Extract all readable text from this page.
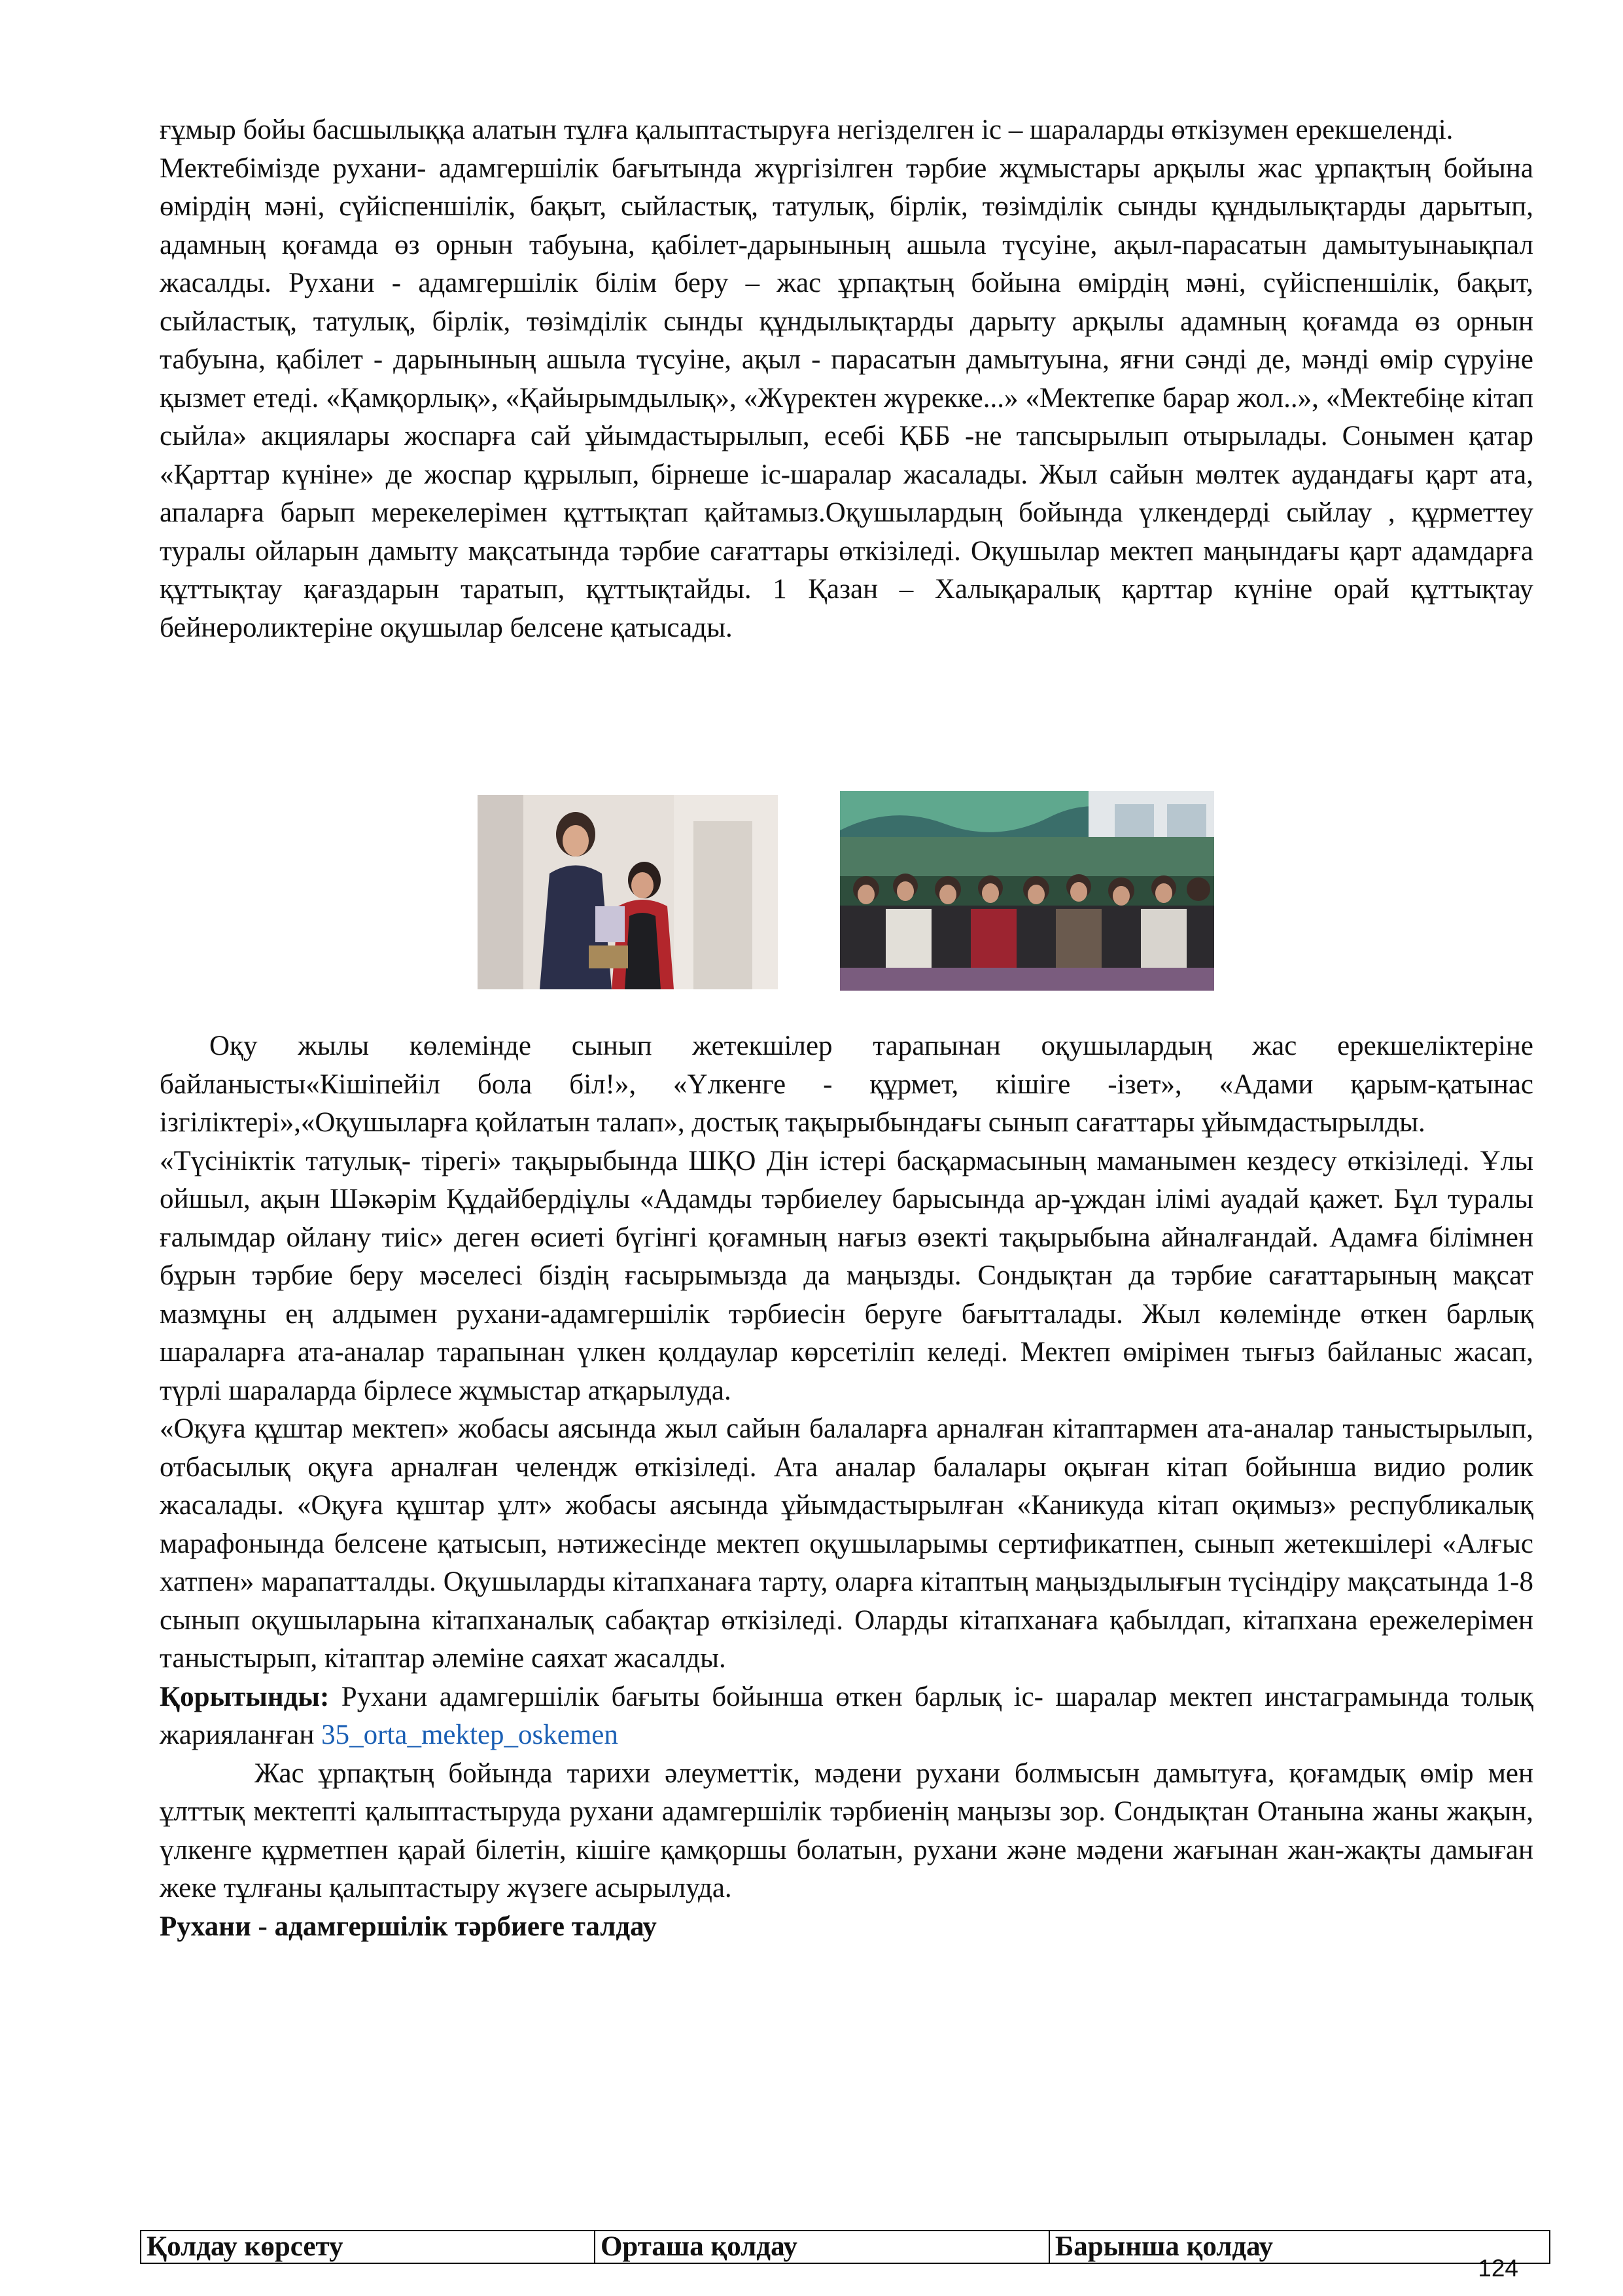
ғұмыр бойы басшылыққа алатын тұлға қалыптастыруға негізделген іс – шараларды өткізумен ерекшеленді.

Мектебімізде рухани- адамгершілік бағытында жүргізілген тәрбие жұмыстары арқылы жас ұрпақтың бойына өмірдің мәні, сүйіспеншілік, бақыт, сыйластық, татулық, бірлік, төзімділік сынды құндылықтарды дарытып, адамның қоғамда өз орнын табуына, қабілет-дарынының ашыла түсуіне, ақыл-парасатын дамытуынаықпал жасалды. Рухани - адамгершілік білім беру – жас ұрпақтың бойына өмірдің мәні, сүйіспеншілік, бақыт, сыйластық, татулық, бірлік, төзімділік сынды құндылықтарды дарыту арқылы адамның қоғамда өз орнын табуына, қабілет - дарынының ашыла түсуіне, ақыл - парасатын дамытуына, яғни сәнді де, мәнді өмір сүруіне қызмет етеді. «Қамқорлық», «Қайырымдылық», «Жүректен жүрекке...» «Мектепке барар жол..», «Мектебіңе кітап сыйла» акциялары жоспарға сай ұйымдастырылып, есебі ҚББ -не тапсырылып отырылады. Сонымен қатар «Қарттар күніне» де жоспар құрылып, бірнеше іс-шаралар жасалады. Жыл сайын мөлтек аудандағы қарт ата, апаларға барып мерекелерімен құттықтап қайтамыз.Оқушылардың бойында үлкендерді сыйлау , құрметтеу туралы ойларын дамыту мақсатында тәрбие сағаттары өткізіледі. Оқушылар мектеп маңындағы қарт адамдарға құттықтау қағаздарын таратып, құттықтайды. 1 Қазан – Халықаралық қарттар күніне орай құттықтау бейнероликтеріне оқушылар белсене қатысады.

Оқу жылы көлемінде сынып жетекшілер тарапынан оқушылардың жас ерекшеліктеріне байланысты«Кішіпейіл бола біл!», «Үлкенге - құрмет, кішіге -ізет», «Адами қарым-қатынас ізгіліктері»,«Оқушыларға қойлатын талап», достық тақырыбындағы сынып сағаттары ұйымдастырылды.

«Түсініктік татулық- тірегі» тақырыбында ШҚО Дін істері басқармасының маманымен кездесу өткізіледі. Ұлы ойшыл, ақын Шәкәрім Құдайбердіұлы «Адамды тәрбиелеу барысында ар-ұждан ілімі ауадай қажет. Бұл туралы ғалымдар ойлану тиіс» деген өсиеті бүгінгі қоғамның нағыз өзекті тақырыбына айналғандай. Адамға білімнен бұрын тәрбие беру мәселесі біздің ғасырымызда да маңызды. Сондықтан да тәрбие сағаттарының мақсат мазмұны ең алдымен рухани-адамгершілік тәрбиесін беруге бағытталады. Жыл көлемінде өткен барлық шараларға ата-аналар тарапынан үлкен қолдаулар көрсетіліп келеді. Мектеп өмірімен тығыз байланыс жасап, түрлі шараларда бірлесе жұмыстар атқарылуда.

«Оқуға құштар мектеп» жобасы аясында жыл сайын балаларға арналған кітаптармен ата-аналар таныстырылып, отбасылық оқуға арналған челендж өткізіледі. Ата аналар балалары оқыған кітап бойынша видио ролик жасалады. «Оқуға құштар ұлт» жобасы аясында ұйымдастырылған «Каникуда кітап оқимыз» республикалық марафонында белсене қатысып, нәтижесінде мектеп оқушыларымы сертификатпен, сынып жетекшілері «Алғыс хатпен» марапатталды. Оқушыларды кітапханаға тарту, оларға кітаптың маңыздылығын түсіндіру мақсатында 1-8 сынып оқушыларына кітапханалық сабақтар өткізіледі. Оларды кітапханаға қабылдап, кітапхана ережелерімен таныстырып, кітаптар әлеміне саяхат жасалды.

Қорытынды: Рухани адамгершілік бағыты бойынша өткен барлық іс- шаралар мектеп инстаграмында толық жарияланған 35_orta_mektep_oskemen

Жас ұрпақтың бойында тарихи әлеуметтік, мәдени рухани болмысын дамытуға, қоғамдық өмір мен ұлттық мектепті қалыптастыруда рухани адамгершілік тәрбиенің маңызы зор. Сондықтан Отанына жаны жақын, үлкенге құрметпен қарай білетін, кішіге қамқоршы болатын, рухани және мәдени жағынан жан-жақты дамыған жеке тұлғаны қалыптастыру жүзеге асырылуда.

Рухани - адамгершілік тәрбиеге талдау

Қолдау көрсету	Орташа қолдау	Барынша қолдау
124
